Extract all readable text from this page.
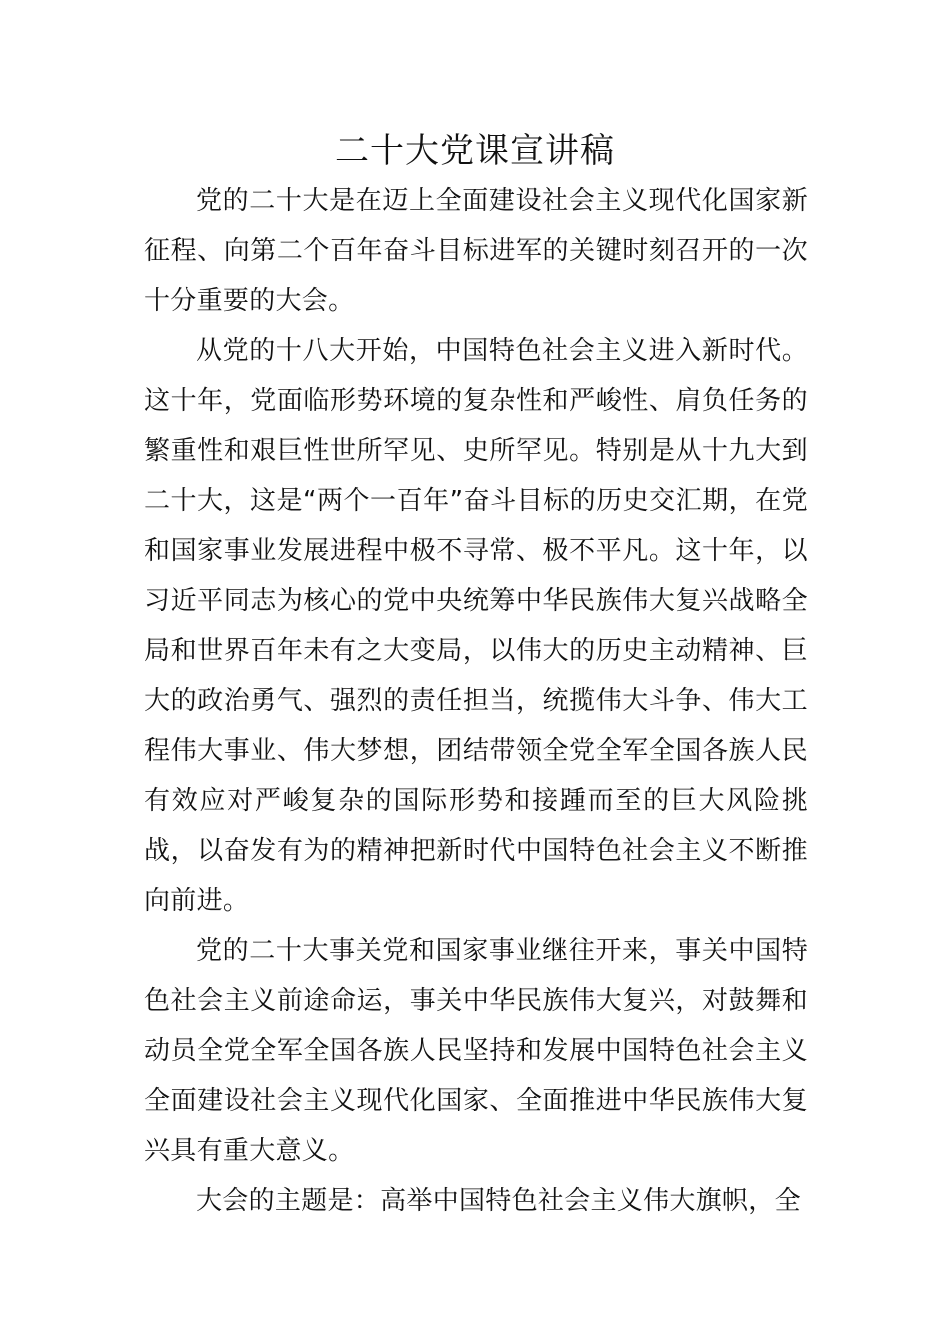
二十大党课宣讲稿

党的二十大是在迈上全面建设社会主义现代化国家新征程、向第二个百年奋斗目标进军的关键时刻召开的一次十分重要的大会。

从党的十八大开始，中国特色社会主义进入新时代。这十年，党面临形势环境的复杂性和严峻性、肩负任务的繁重性和艰巨性世所罕见、史所罕见。特别是从十九大到二十大，这是“两个一百年”奋斗目标的历史交汇期，在党和国家事业发展进程中极不寻常、极不平凡。这十年，以习近平同志为核心的党中央统筹中华民族伟大复兴战略全局和世界百年未有之大变局，以伟大的历史主动精神、巨大的政治勇气、强烈的责任担当，统揽伟大斗争、伟大工程伟大事业、伟大梦想，团结带领全党全军全国各族人民有效应对严峻复杂的国际形势和接踵而至的巨大风险挑战，以奋发有为的精神把新时代中国特色社会主义不断推向前进。

党的二十大事关党和国家事业继往开来，事关中国特色社会主义前途命运，事关中华民族伟大复兴，对鼓舞和动员全党全军全国各族人民坚持和发展中国特色社会主义全面建设社会主义现代化国家、全面推进中华民族伟大复兴具有重大意义。

大会的主题是：高举中国特色社会主义伟大旗帜，全
